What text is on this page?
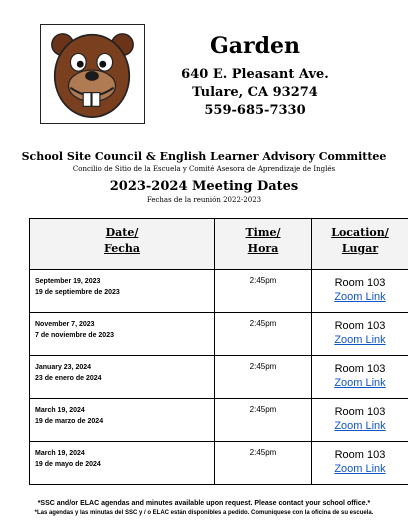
Garden
640 E. Pleasant Ave.
Tulare, CA 93274
559-685-7330
School Site Council & English Learner Advisory Committee
Concilio de Sitio de la Escuela y Comité Asesora de Aprendizaje de Inglés
2023-2024 Meeting Dates
Fechas de la reunión 2022-2023
Date/
Fecha	Time/
Hora	Location/
Lugar

September 19, 2023
19 de septiembre de 2023	2:45pm	Room 103
Zoom Link

November 7, 2023
7 de noviembre de 2023	2:45pm	Room 103
Zoom Link

January 23, 2024
23 de enero de 2024	2:45pm	Room 103
Zoom Link

March 19, 2024
19 de marzo de 2024	2:45pm	Room 103
Zoom Link

March 19, 2024
19 de mayo de 2024	2:45pm	Room 103
Zoom Link
*SSC and/or ELAC agendas and minutes available upon request. Please contact your school office.*
*Las agendas y las minutas del SSC y / o ELAC están disponibles a pedido. Comuníquese con la oficina de su escuela.
